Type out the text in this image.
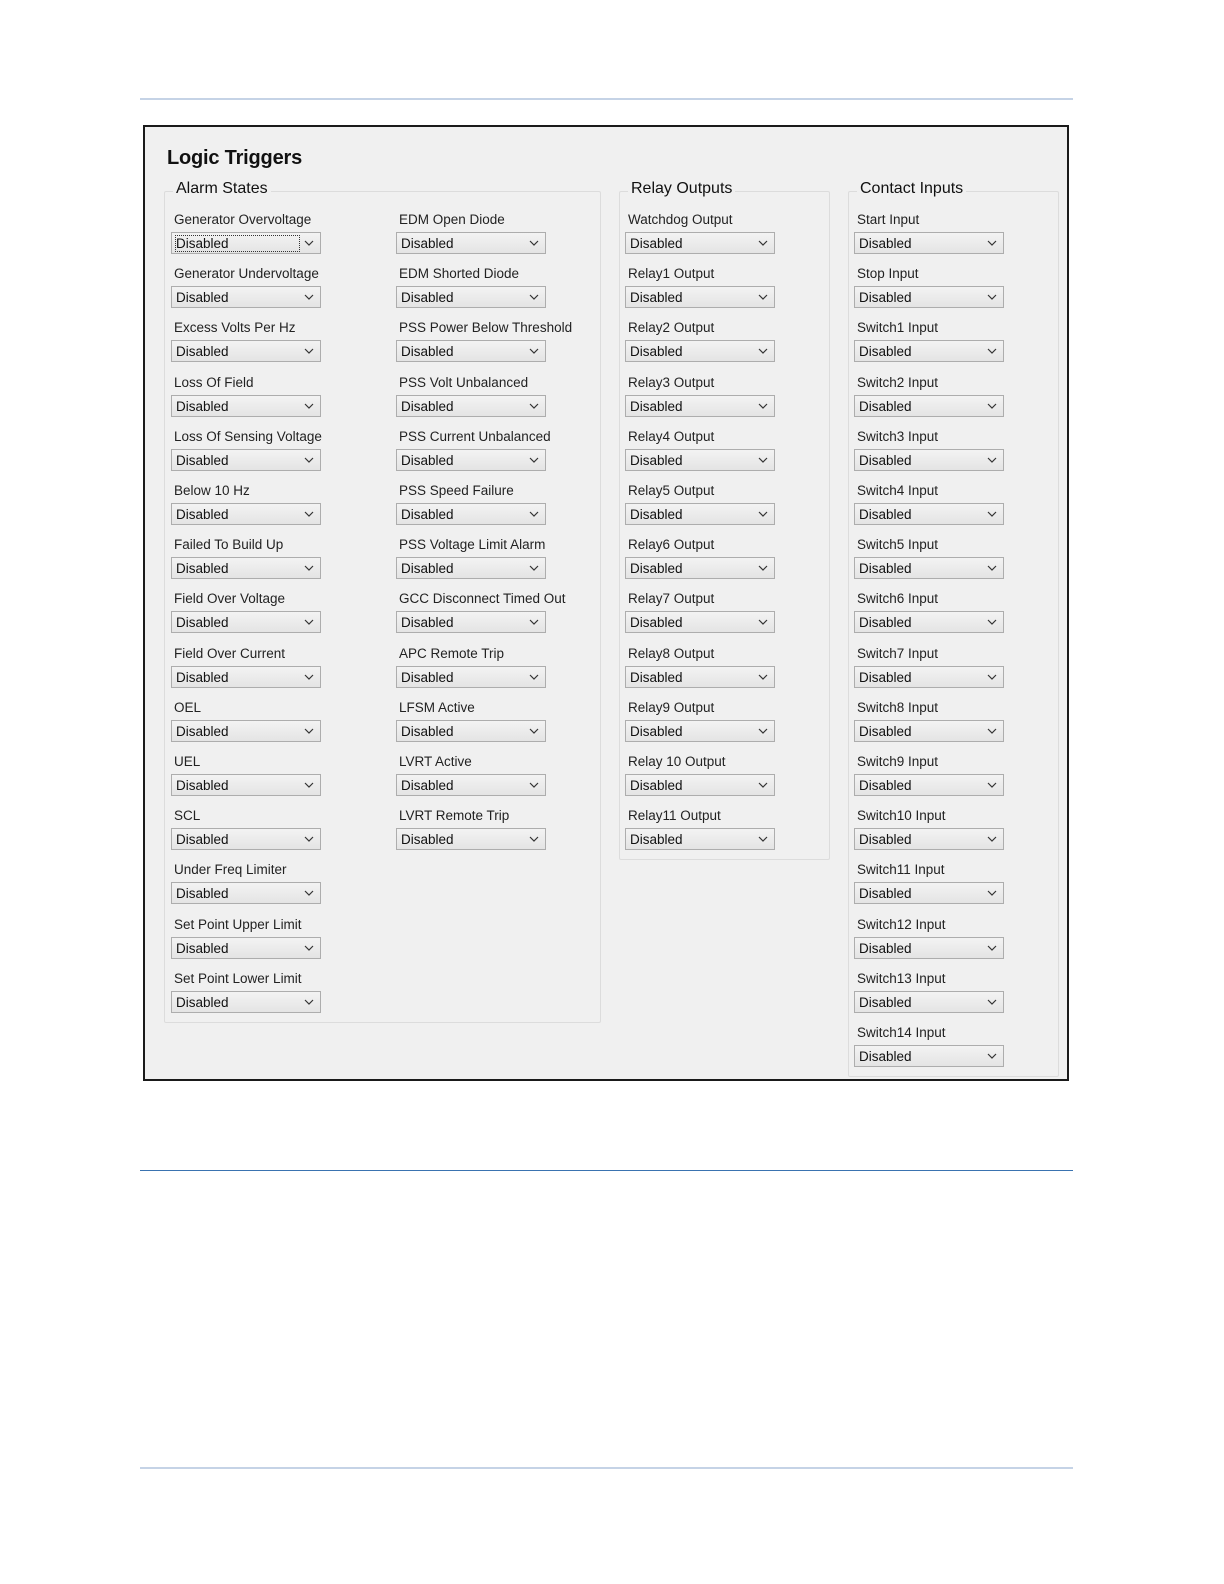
Logic Triggers
Alarm States
Generator Overvoltage
Disabled
Generator Undervoltage
Disabled
Excess Volts Per Hz
Disabled
Loss Of Field
Disabled
Loss Of Sensing Voltage
Disabled
Below 10 Hz
Disabled
Failed To Build Up
Disabled
Field Over Voltage
Disabled
Field Over Current
Disabled
OEL
Disabled
UEL
Disabled
SCL
Disabled
Under Freq Limiter
Disabled
Set Point Upper Limit
Disabled
Set Point Lower Limit
Disabled
EDM Open Diode
Disabled
EDM Shorted Diode
Disabled
PSS Power Below Threshold
Disabled
PSS Volt Unbalanced
Disabled
PSS Current Unbalanced
Disabled
PSS Speed Failure
Disabled
PSS Voltage Limit Alarm
Disabled
GCC Disconnect Timed Out
Disabled
APC Remote Trip
Disabled
LFSM Active
Disabled
LVRT Active
Disabled
LVRT Remote Trip
Disabled
Relay Outputs
Watchdog Output
Disabled
Relay1 Output
Disabled
Relay2 Output
Disabled
Relay3 Output
Disabled
Relay4 Output
Disabled
Relay5 Output
Disabled
Relay6 Output
Disabled
Relay7 Output
Disabled
Relay8 Output
Disabled
Relay9 Output
Disabled
Relay 10 Output
Disabled
Relay11 Output
Disabled
Contact Inputs
Start Input
Disabled
Stop Input
Disabled
Switch1 Input
Disabled
Switch2 Input
Disabled
Switch3 Input
Disabled
Switch4 Input
Disabled
Switch5 Input
Disabled
Switch6 Input
Disabled
Switch7 Input
Disabled
Switch8 Input
Disabled
Switch9 Input
Disabled
Switch10 Input
Disabled
Switch11 Input
Disabled
Switch12 Input
Disabled
Switch13 Input
Disabled
Switch14 Input
Disabled
